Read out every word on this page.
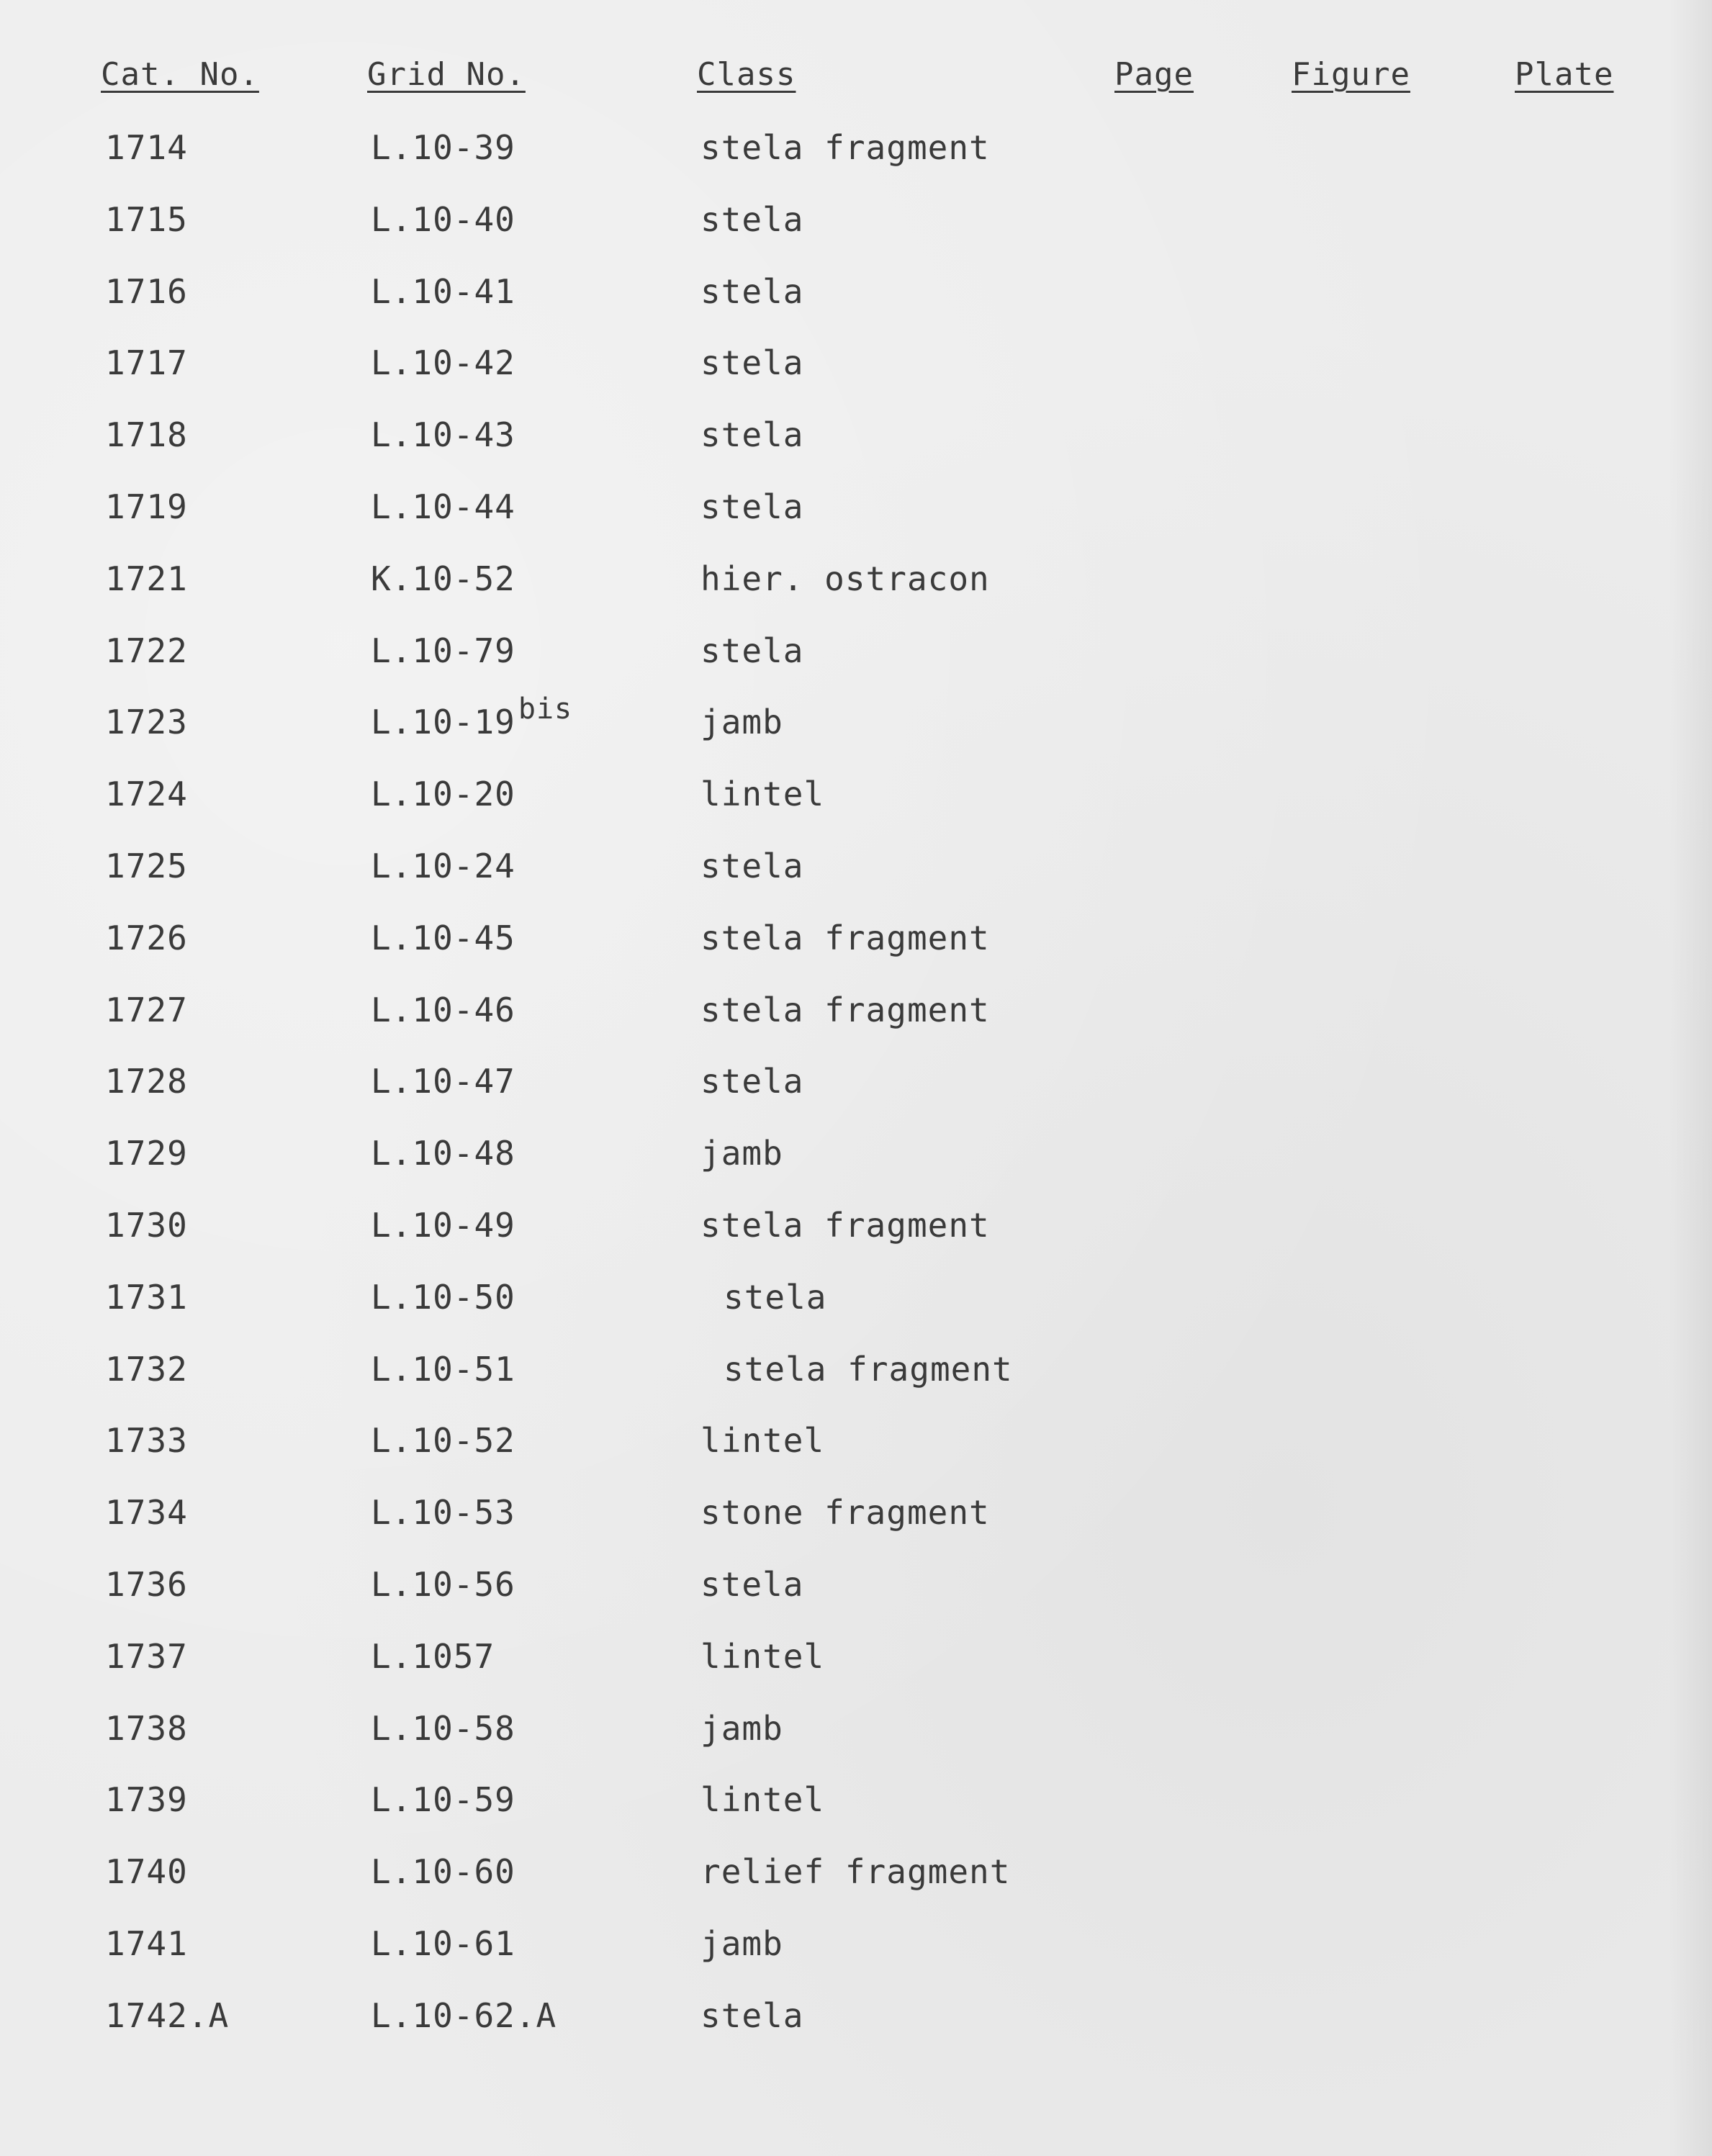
Cat. No.	Grid No.	Class	Page	Figure	Plate
1714	L.10-39	stela fragment
1715	L.10-40	stela
1716	L.10-41	stela
1717	L.10-42	stela
1718	L.10-43	stela
1719	L.10-44	stela
1721	K.10-52	hier. ostracon
1722	L.10-79	stela
1723	L.10-19 $^{bis}$	jamb
1724	L.10-20	lintel
1725	L.10-24	stela
1726	L.10-45	stela fragment
1727	L.10-46	stela fragment
1728	L.10-47	stela
1729	L.10-48	jamb
1730	L.10-49	stela fragment
1731	L.10-50	stela
1732	L.10-51	stela fragment
1733	L.10-52	lintel
1734	L.10-53	stone fragment
1736	L.10-56	stela
1737	L.1057	lintel
1738	L.10-58	jamb
1739	L.10-59	lintel
1740	L.10-60	relief fragment
1741	L.10-61	jamb
1742.A	L.10-62.A	stela
